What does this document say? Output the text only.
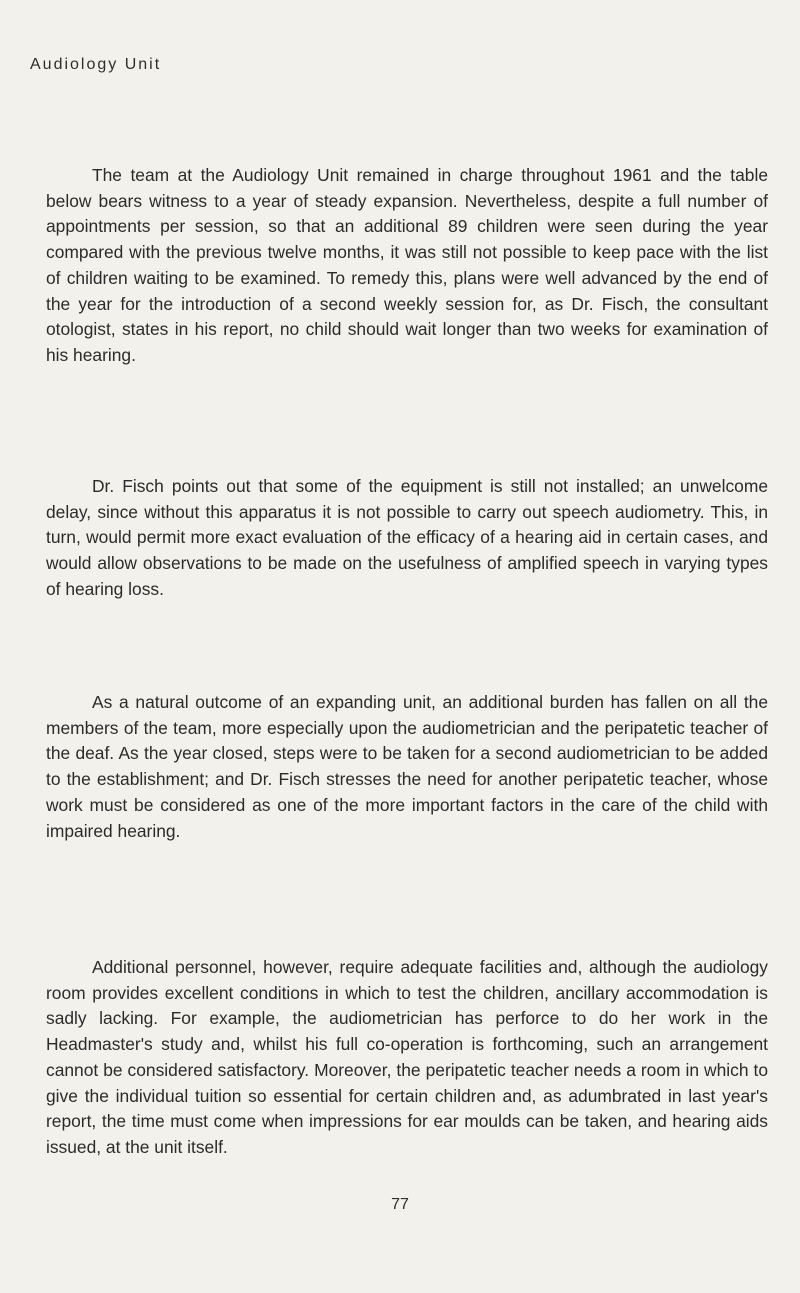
Audiology Unit

The team at the Audiology Unit remained in charge throughout 1961 and the table below bears witness to a year of steady expansion. Nevertheless, despite a full number of appointments per session, so that an additional 89 children were seen during the year compared with the previous twelve months, it was still not possible to keep pace with the list of children waiting to be examined. To remedy this, plans were well advanced by the end of the year for the introduction of a second weekly session for, as Dr. Fisch, the consultant otologist, states in his report, no child should wait longer than two weeks for examination of his hearing.

Dr. Fisch points out that some of the equipment is still not installed; an unwelcome delay, since without this apparatus it is not possible to carry out speech audiometry. This, in turn, would permit more exact evaluation of the efficacy of a hearing aid in certain cases, and would allow observations to be made on the usefulness of amplified speech in varying types of hearing loss.

As a natural outcome of an expanding unit, an additional burden has fallen on all the members of the team, more especially upon the audiometrician and the peripatetic teacher of the deaf. As the year closed, steps were to be taken for a second audiometrician to be added to the establishment; and Dr. Fisch stresses the need for another peripatetic teacher, whose work must be considered as one of the more important factors in the care of the child with impaired hearing.

Additional personnel, however, require adequate facilities and, although the audiology room provides excellent conditions in which to test the children, ancillary accommodation is sadly lacking. For example, the audiometrician has perforce to do her work in the Headmaster's study and, whilst his full co-operation is forthcoming, such an arrangement cannot be considered satisfactory. Moreover, the peripatetic teacher needs a room in which to give the individual tuition so essential for certain children and, as adumbrated in last year's report, the time must come when impressions for ear moulds can be taken, and hearing aids issued, at the unit itself.

77
